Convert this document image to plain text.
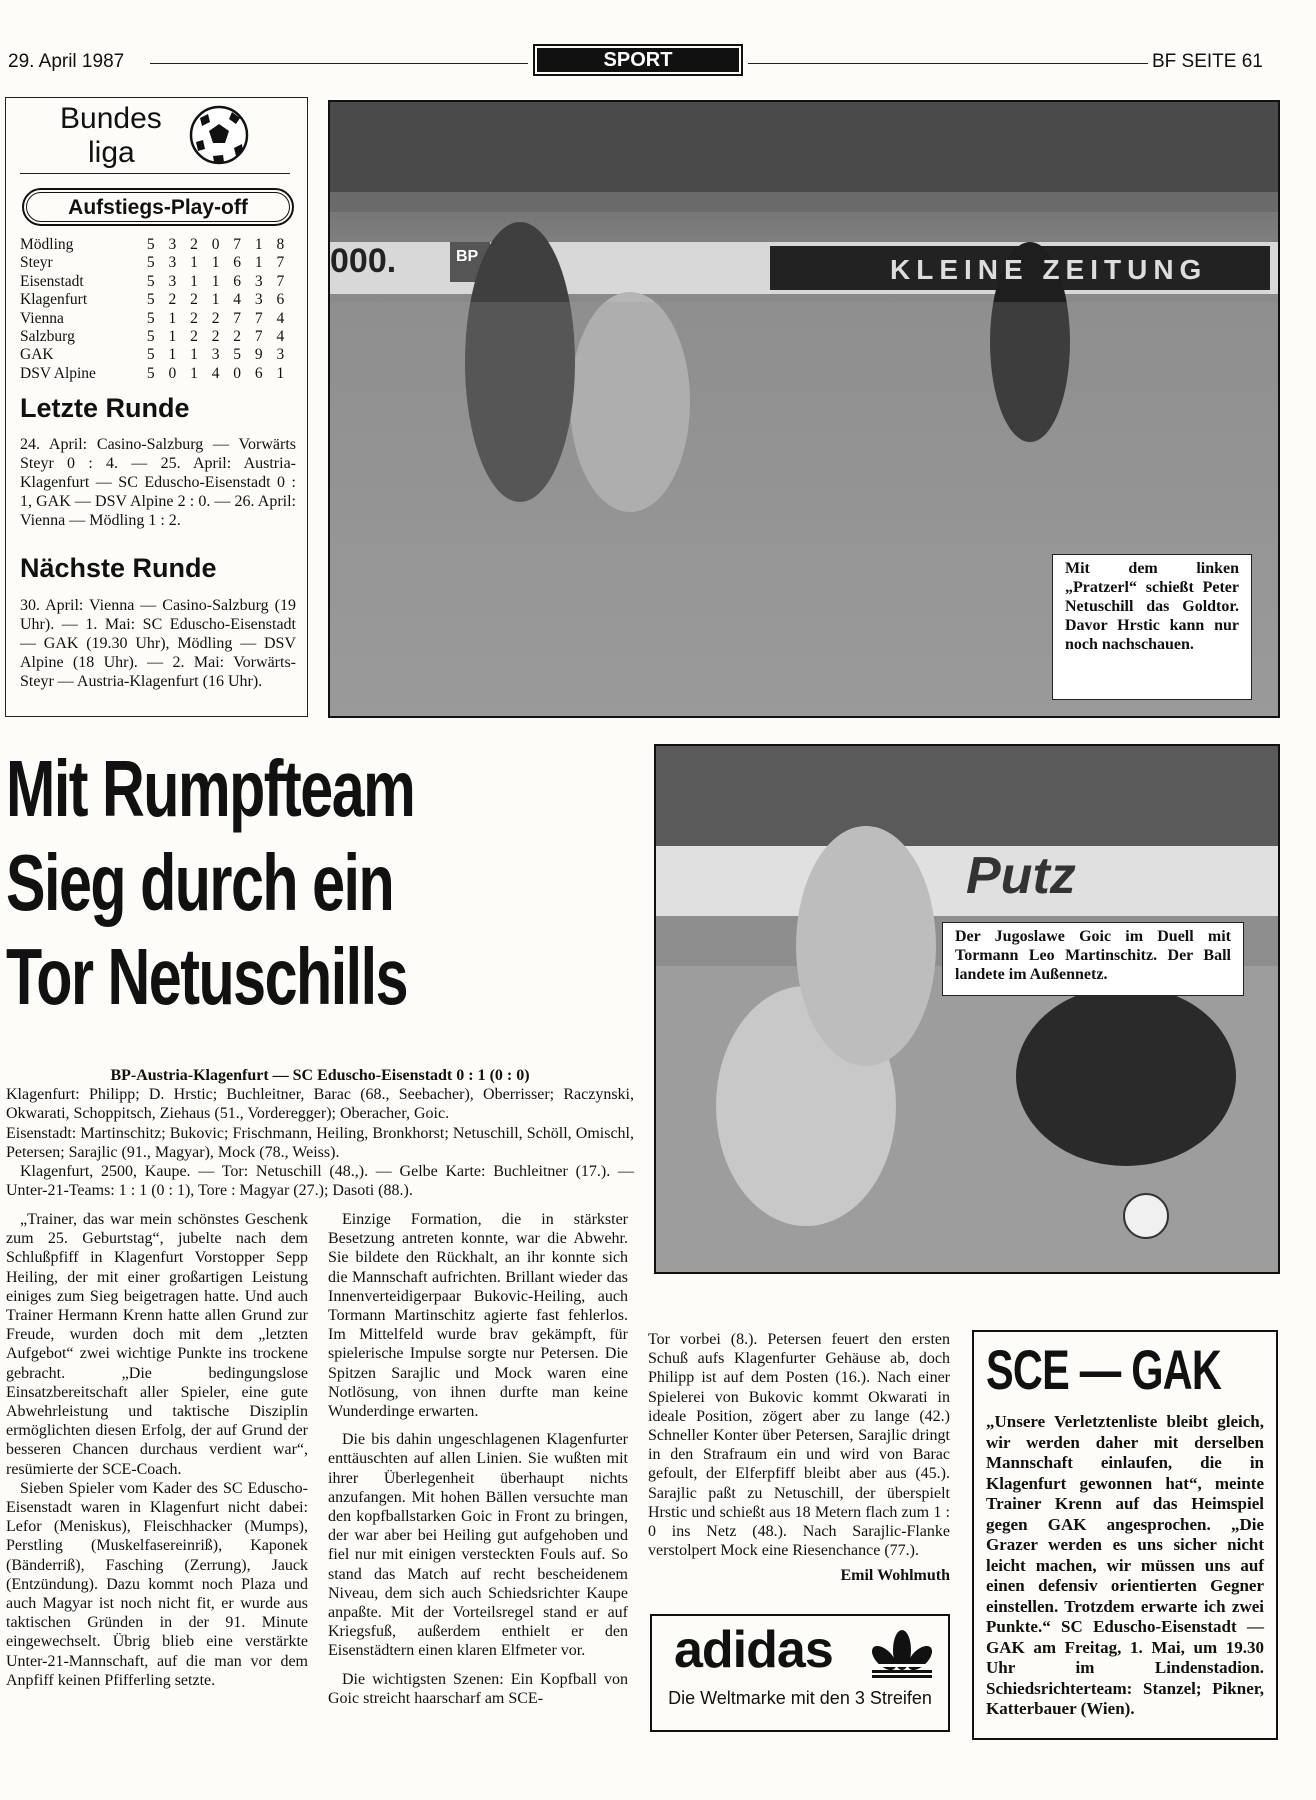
29. April 1987	SPORT	BF SEITE 61
Bundes
liga
Aufstiegs-Play-off
Mödling	5	3	2	0	7	1	8
Steyr	5	3	1	1	6	1	7
Eisenstadt	5	3	1	1	6	3	7
Klagenfurt	5	2	2	1	4	3	6
Vienna	5	1	2	2	7	7	4
Salzburg	5	1	2	2	2	7	4
GAK	5	1	1	3	5	9	3
DSV Alpine	5	0	1	4	0	6	1
Letzte Runde
24. April: Casino-Salzburg — Vorwärts Steyr 0 : 4. — 25. April: Austria-Klagenfurt — SC Eduscho-Eisenstadt 0 : 1, GAK — DSV Alpine 2 : 0. — 26. April: Vienna — Mödling 1 : 2.
Nächste Runde
30. April: Vienna — Casino-Salzburg (19 Uhr). — 1. Mai: SC Eduscho-Eisenstadt — GAK (19.30 Uhr), Mödling — DSV Alpine (18 Uhr). — 2. Mai: Vorwärts-Steyr — Austria-Klagenfurt (16 Uhr).
000.	BP	KLEINE ZEITUNG
Mit dem linken „Pratzerl“ schießt Peter Netuschill das Goldtor. Davor Hrstic kann nur noch nachschauen.
Mit Rumpfteam
Sieg durch ein
Tor Netuschills
Putz
Der Jugoslawe Goic im Duell mit Tormann Leo Martinschitz. Der Ball landete im Außennetz.
BP-Austria-Klagenfurt — SC Eduscho-Eisenstadt 0 : 1 (0 : 0)
Klagenfurt: Philipp; D. Hrstic; Buchleitner, Barac (68., Seebacher), Oberrisser; Raczynski, Okwarati, Schoppitsch, Ziehaus (51., Vorderegger); Oberacher, Goic.
Eisenstadt: Martinschitz; Bukovic; Frischmann, Heiling, Bronkhorst; Netuschill, Schöll, Omischl, Petersen; Sarajlic (91., Magyar), Mock (78., Weiss).
Klagenfurt, 2500, Kaupe. — Tor: Netuschill (48.,). — Gelbe Karte: Buchleitner (17.). — Unter-21-Teams: 1 : 1 (0 : 1), Tore : Magyar (27.); Dasoti (88.).

„Trainer, das war mein schönstes Geschenk zum 25. Geburtstag“, jubelte nach dem Schlußpfiff in Klagenfurt Vorstopper Sepp Heiling, der mit einer großartigen Leistung einiges zum Sieg beigetragen hatte. Und auch Trainer Hermann Krenn hatte allen Grund zur Freude, wurden doch mit dem „letzten Aufgebot“ zwei wichtige Punkte ins trockene gebracht. „Die bedingungslose Einsatzbereitschaft aller Spieler, eine gute Abwehrleistung und taktische Disziplin ermöglichten diesen Erfolg, der auf Grund der besseren Chancen durchaus verdient war“, resümierte der SCE-Coach.

Sieben Spieler vom Kader des SC Eduscho-Eisenstadt waren in Klagenfurt nicht dabei: Lefor (Meniskus), Fleischhacker (Mumps), Perstling (Muskelfasereinriß), Kaponek (Bänderriß), Fasching (Zerrung), Jauck (Entzündung). Dazu kommt noch Plaza und auch Magyar ist noch nicht fit, er wurde aus taktischen Gründen in der 91. Minute eingewechselt. Übrig blieb eine verstärkte Unter-21-Mannschaft, auf die man vor dem Anpfiff keinen Pfifferling setzte.

Einzige Formation, die in stärkster Besetzung antreten konnte, war die Abwehr. Sie bildete den Rückhalt, an ihr konnte sich die Mannschaft aufrichten. Brillant wieder das Innenverteidigerpaar Bukovic-Heiling, auch Tormann Martinschitz agierte fast fehlerlos. Im Mittelfeld wurde brav gekämpft, für spielerische Impulse sorgte nur Petersen. Die Spitzen Sarajlic und Mock waren eine Notlösung, von ihnen durfte man keine Wunderdinge erwarten.

Die bis dahin ungeschlagenen Klagenfurter enttäuschten auf allen Linien. Sie wußten mit ihrer Überlegenheit überhaupt nichts anzufangen. Mit hohen Bällen versuchte man den kopfballstarken Goic in Front zu bringen, der war aber bei Heiling gut aufgehoben und fiel nur mit einigen versteckten Fouls auf. So stand das Match auf recht bescheidenem Niveau, dem sich auch Schiedsrichter Kaupe anpaßte. Mit der Vorteilsregel stand er auf Kriegsfuß, außerdem enthielt er den Eisenstädtern einen klaren Elfmeter vor.

Die wichtigsten Szenen: Ein Kopfball von Goic streicht haarscharf am SCE-

Tor vorbei (8.). Petersen feuert den ersten Schuß aufs Klagenfurter Gehäuse ab, doch Philipp ist auf dem Posten (16.). Nach einer Spielerei von Bukovic kommt Okwarati in ideale Position, zögert aber zu lange (42.) Schneller Konter über Petersen, Sarajlic dringt in den Strafraum ein und wird von Barac gefoult, der Elferpfiff bleibt aber aus (45.). Sarajlic paßt zu Netuschill, der überspielt Hrstic und schießt aus 18 Metern flach zum 1 : 0 ins Netz (48.). Nach Sarajlic-Flanke verstolpert Mock eine Riesenchance (77.).
Emil Wohlmuth
SCE — GAK
„Unsere Verletztenliste bleibt gleich, wir werden daher mit derselben Mannschaft einlaufen, die in Klagenfurt gewonnen hat“, meinte Trainer Krenn auf das Heimspiel gegen GAK angesprochen. „Die Grazer werden es uns sicher nicht leicht machen, wir müssen uns auf einen defensiv orientierten Gegner einstellen. Trotzdem erwarte ich zwei Punkte.“ SC Eduscho-Eisenstadt — GAK am Freitag, 1. Mai, um 19.30 Uhr im Lindenstadion. Schiedsrichterteam: Stanzel; Pikner, Katterbauer (Wien).
adidas
Die Weltmarke mit den 3 Streifen
